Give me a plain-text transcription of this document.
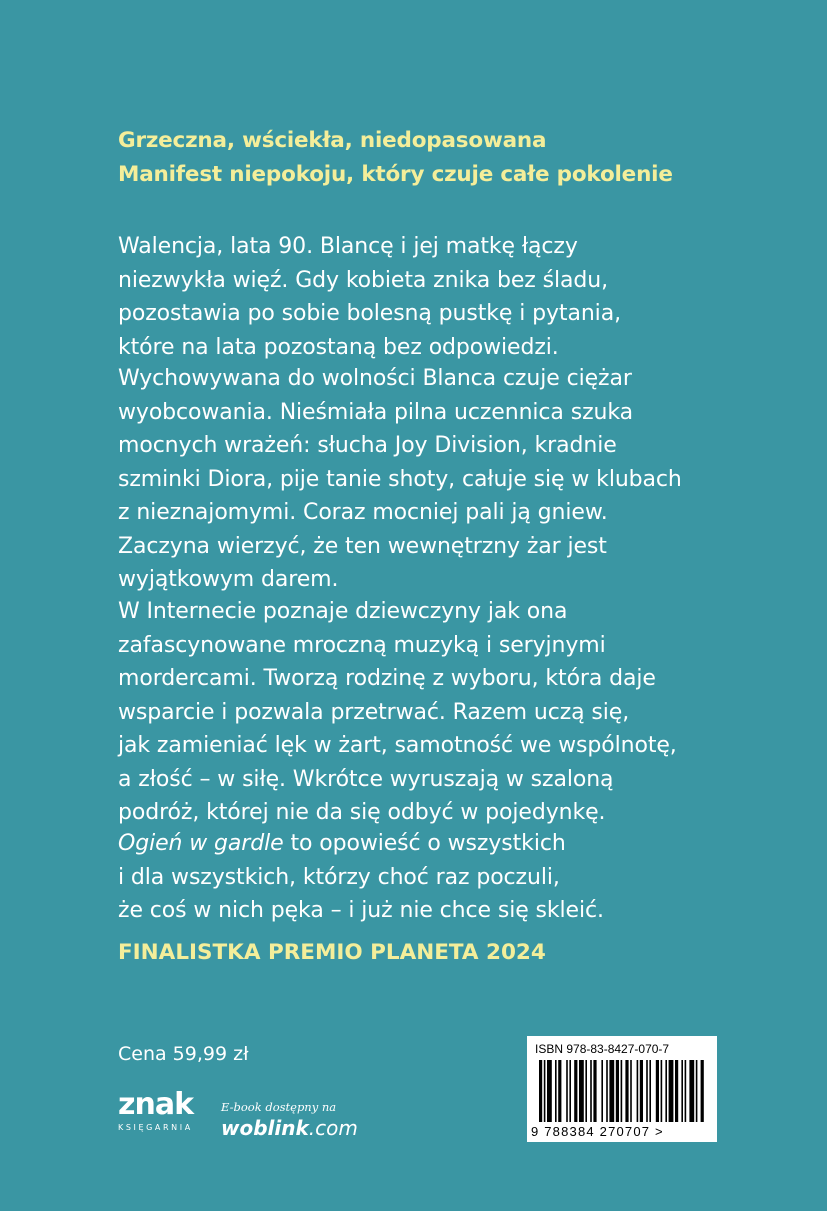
Grzeczna, wściekła, niedopasowana
Manifest niepokoju, który czuje całe pokolenie
Walencja, lata 90. Blancę i jej matkę łączy
niezwykła więź. Gdy kobieta znika bez śladu,
pozostawia po sobie bolesną pustkę i pytania,
które na lata pozostaną bez odpowiedzi.
Wychowywana do wolności Blanca czuje ciężar
wyobcowania. Nieśmiała pilna uczennica szuka
mocnych wrażeń: słucha Joy Division, kradnie
szminki Diora, pije tanie shoty, całuje się w klubach
z nieznajomymi. Coraz mocniej pali ją gniew.
Zaczyna wierzyć, że ten wewnętrzny żar jest
wyjątkowym darem.
W Internecie poznaje dziewczyny jak ona
zafascynowane mroczną muzyką i seryjnymi
mordercami. Tworzą rodzinę z wyboru, która daje
wsparcie i pozwala przetrwać. Razem uczą się,
jak zamieniać lęk w żart, samotność we wspólnotę,
a złość – w siłę. Wkrótce wyruszają w szaloną
podróż, której nie da się odbyć w pojedynkę.
Ogień w gardle to opowieść o wszystkich
i dla wszystkich, którzy choć raz poczuli,
że coś w nich pęka – i już nie chce się skleić.
FINALISTKA PREMIO PLANETA 2024
Cena 59,99 zł
znak
KSIĘGARNIA
E-book dostępny na
woblink.com
ISBN 978-83-8427-070-7
9 788384 270707 >
